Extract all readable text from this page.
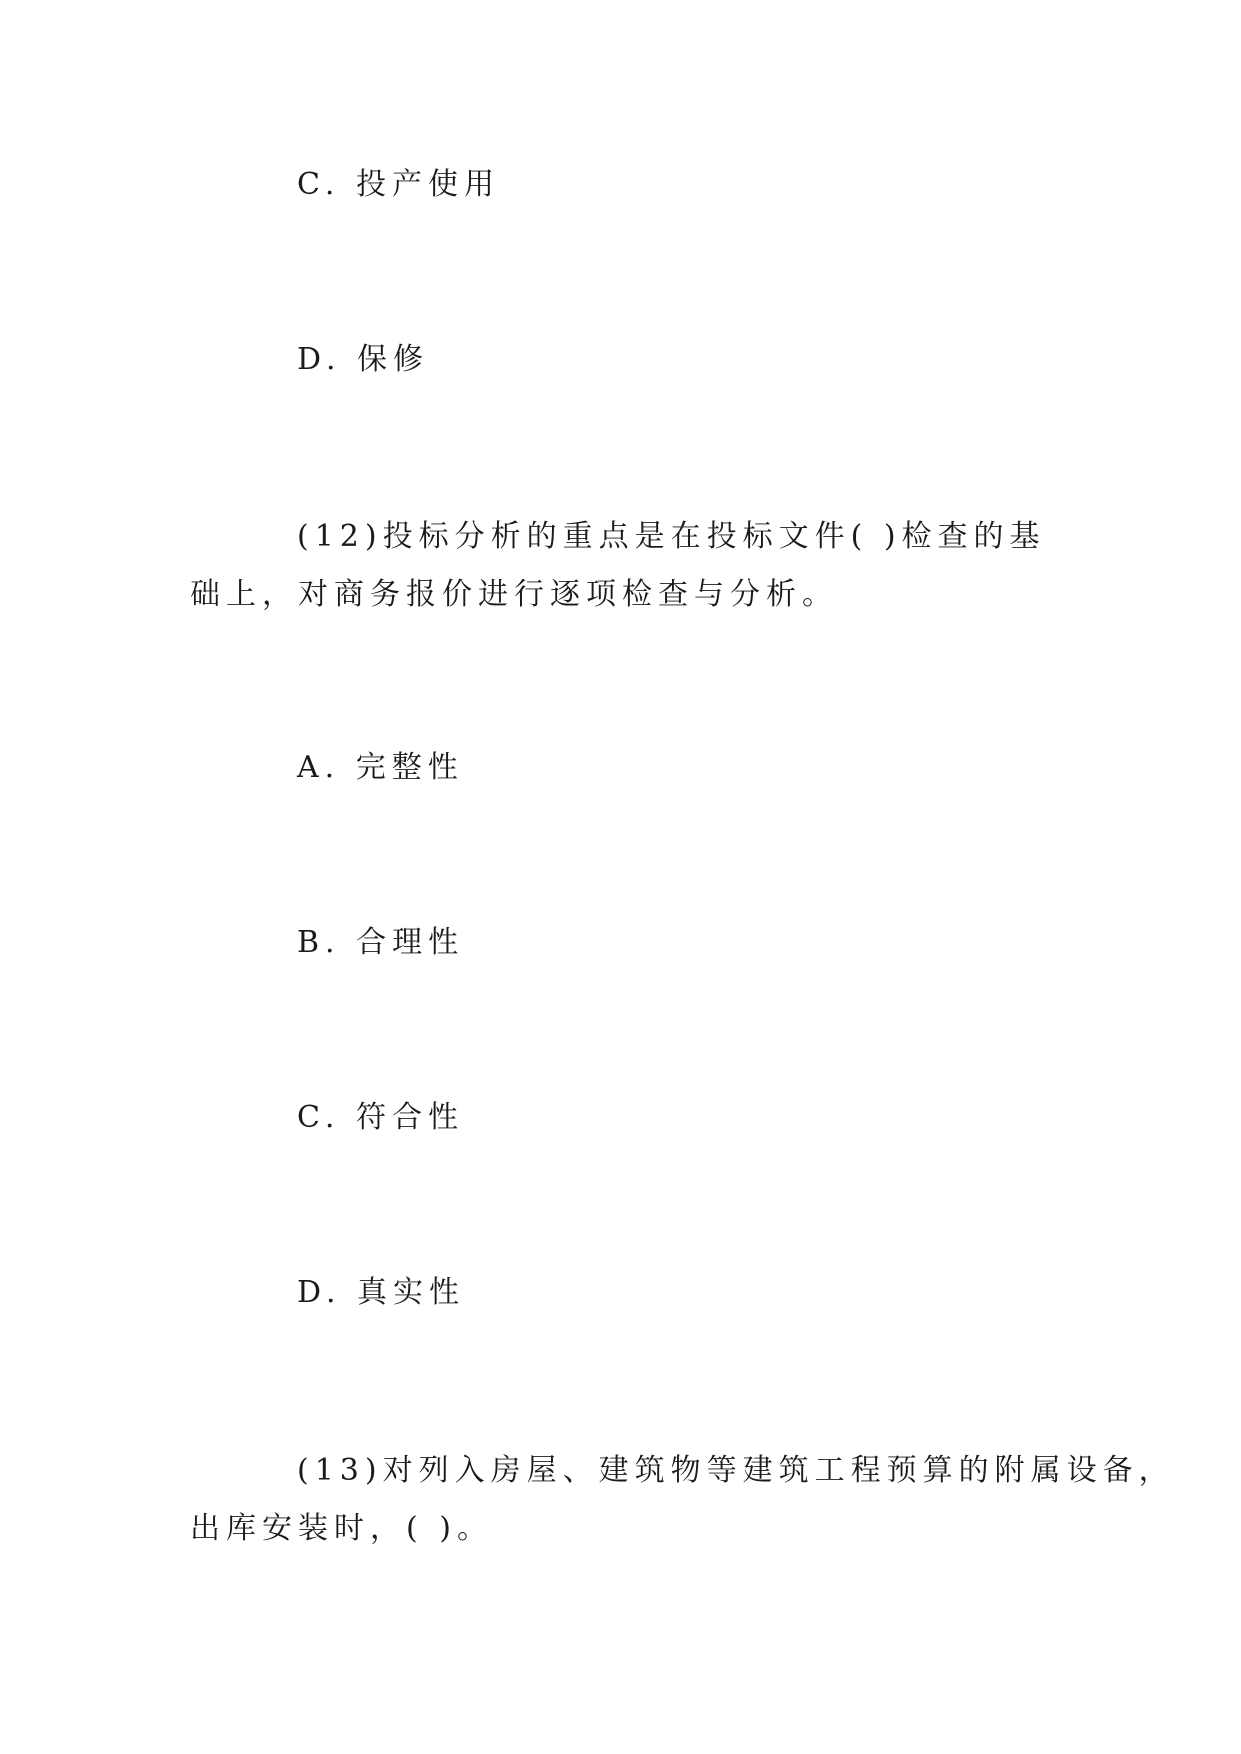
C. 投产使用
D. 保修
(12)投标分析的重点是在投标文件( )检查的基
础上，对商务报价进行逐项检查与分析。
A. 完整性
B. 合理性
C. 符合性
D. 真实性
(13)对列入房屋、建筑物等建筑工程预算的附属设备，
出库安装时，( )。
